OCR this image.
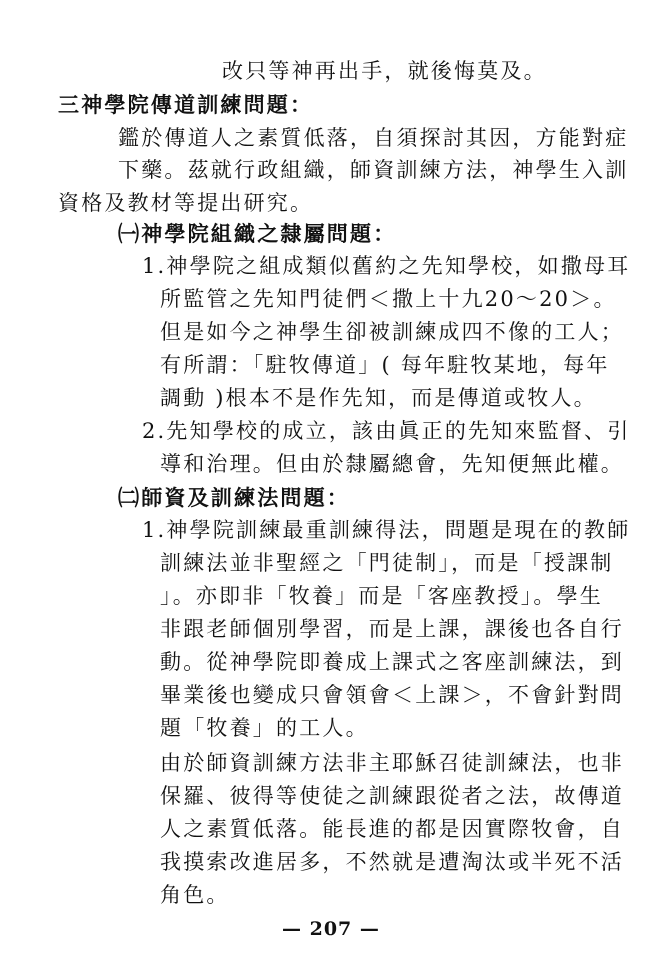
改只等神再出手，就後悔莫及。
三神學院傳道訓練問題：
鑑於傳道人之素質低落，自須探討其因，方能對症
下藥。茲就行政組織，師資訓練方法，神學生入訓
資格及教材等提出研究。
㈠神學院組織之隸屬問題：
1.神學院之組成類似舊約之先知學校，如撒母耳
所監管之先知門徒們＜撒上十九20～20＞。
但是如今之神學生卻被訓練成四不像的工人；
有所謂：「駐牧傳道」( 每年駐牧某地，每年
調動 )根本不是作先知，而是傳道或牧人。
2.先知學校的成立，該由眞正的先知來監督、引
導和治理。但由於隸屬總會，先知便無此權。
㈡師資及訓練法問題：
1.神學院訓練最重訓練得法，問題是現在的教師
訓練法並非聖經之「門徒制」，而是「授課制
」。亦即非「牧養」而是「客座教授」。學生
非跟老師個別學習，而是上課，課後也各自行
動。從神學院即養成上課式之客座訓練法，到
畢業後也變成只會領會＜上課＞，不會針對問
題「牧養」的工人。
由於師資訓練方法非主耶穌召徒訓練法，也非
保羅、彼得等使徒之訓練跟從者之法，故傳道
人之素質低落。能長進的都是因實際牧會，自
我摸索改進居多，不然就是遭淘汰或半死不活
角色。
— 207 —
